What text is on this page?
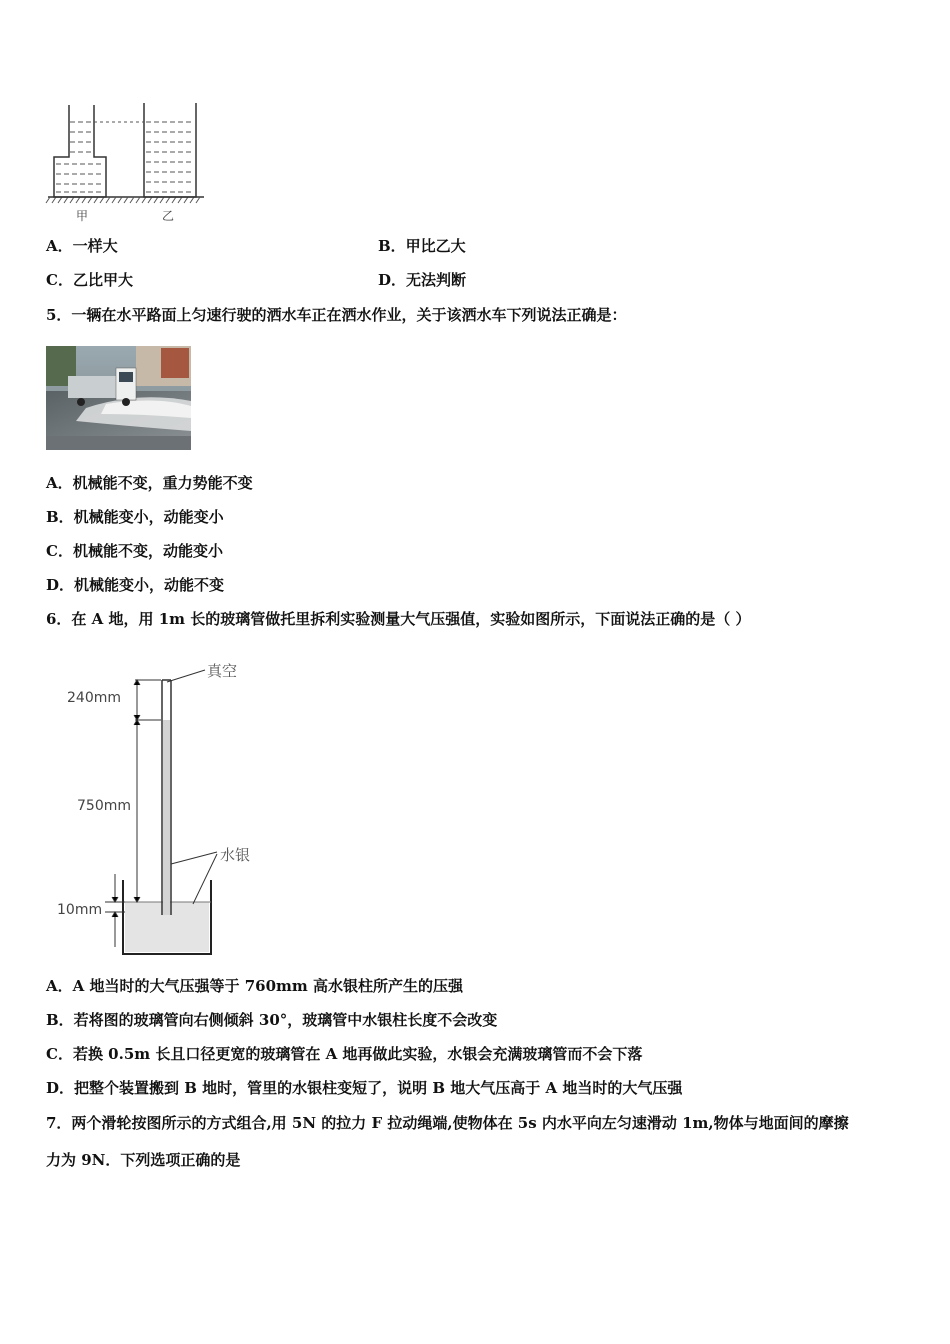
甲	乙
A．一样大	B．甲比乙大
C．乙比甲大	D．无法判断
5．一辆在水平路面上匀速行驶的洒水车正在洒水作业，关于该洒水车下列说法正确是：
A．机械能不变，重力势能不变
B．机械能变小，动能变小
C．机械能不变，动能变小
D．机械能变小，动能不变
6．在 A 地，用 1m 长的玻璃管做托里拆利实验测量大气压强值，实验如图所示，下面说法正确的是（ ）
真空
水银
240mm
750mm
10mm
A．A 地当时的大气压强等于 760mm 高水银柱所产生的压强
B．若将图的玻璃管向右侧倾斜 30°，玻璃管中水银柱长度不会改变
C．若换 0.5m 长且口径更宽的玻璃管在 A 地再做此实验，水银会充满玻璃管而不会下落
D．把整个装置搬到 B 地时，管里的水银柱变短了，说明 B 地大气压高于 A 地当时的大气压强
7．两个滑轮按图所示的方式组合,用 5N 的拉力 F 拉动绳端,使物体在 5s 内水平向左匀速滑动 1m,物体与地面间的摩擦
力为 9N．下列选项正确的是
